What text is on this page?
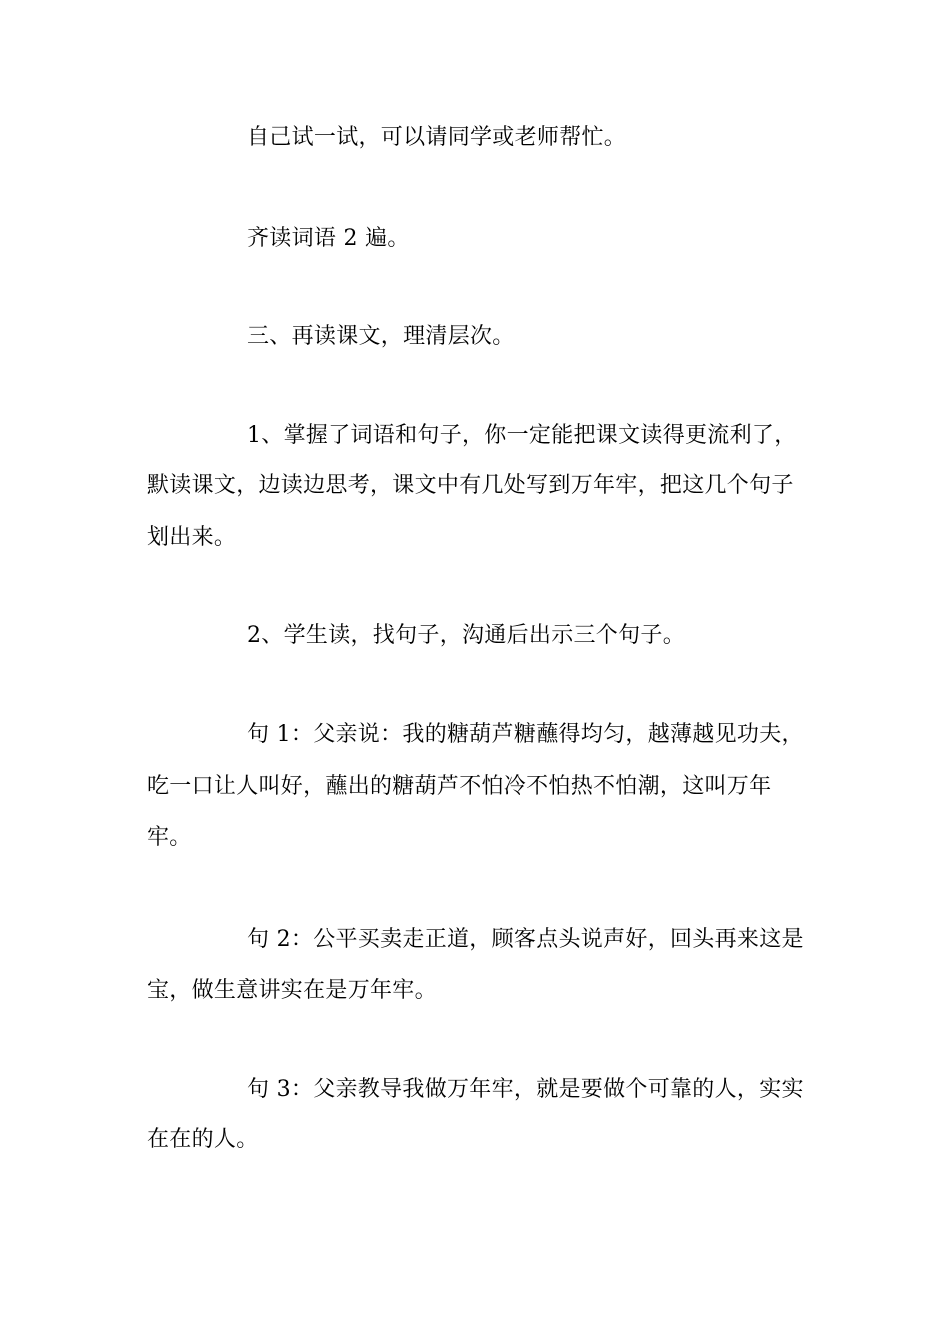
自己试一试，可以请同学或老师帮忙。
齐读词语 2 遍。
三、再读课文，理清层次。
1、掌握了词语和句子，你一定能把课文读得更流利了，
默读课文，边读边思考，课文中有几处写到万年牢，把这几个句子
划出来。
2、学生读，找句子，沟通后出示三个句子。
句 1：父亲说：我的糖葫芦糖蘸得均匀，越薄越见功夫，
吃一口让人叫好，蘸出的糖葫芦不怕冷不怕热不怕潮，这叫万年
牢。
句 2：公平买卖走正道，顾客点头说声好，回头再来这是
宝，做生意讲实在是万年牢。
句 3：父亲教导我做万年牢，就是要做个可靠的人，实实
在在的人。
